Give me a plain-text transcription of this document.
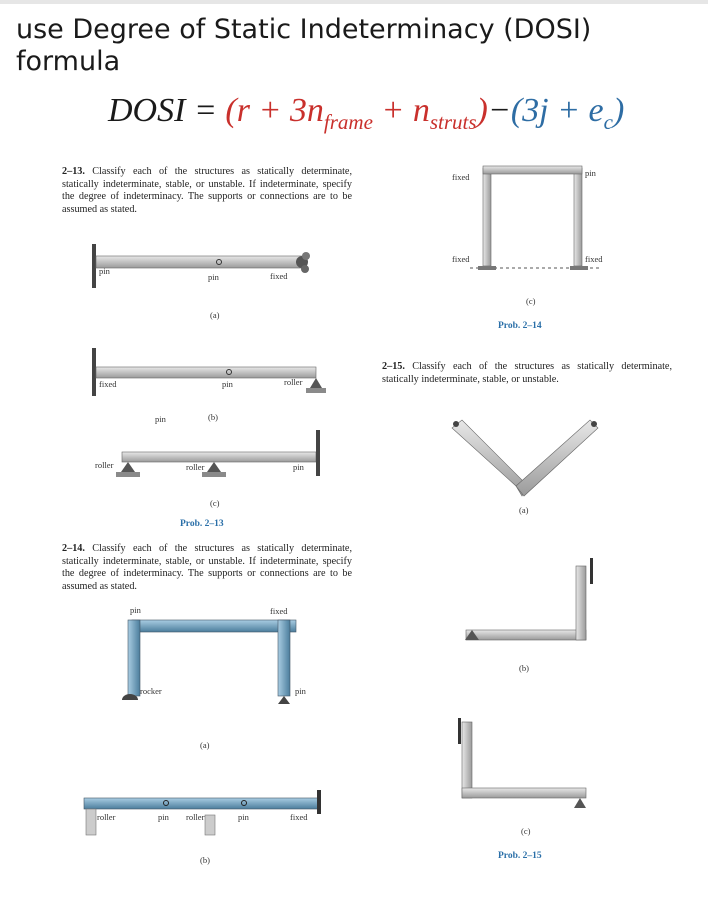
use Degree of Static Indeterminacy (DOSI) formula
DOSI = $(r + 3n_{frame} + n_{struts})-(3j + e_c)$
2–13. Classify each of the structures as statically determinate, statically indeterminate, stable, or unstable. If indeterminate, specify the degree of indeterminacy. The supports or connections are to be assumed as stated.
2–14. Classify each of the structures as statically determinate, statically indeterminate, stable, or unstable. If indeterminate, specify the degree of indeterminacy. The supports or connections are to be assumed as stated.
2–15. Classify each of the structures as statically determinate, statically indeterminate, stable, or unstable.
pin
pin	fixed
(a)
fixed	pin	roller
pin	(b)
roller	roller	pin
(c)
Prob. 2–13
fixed	pin
fixed	fixed
(c)
Prob. 2–14
pin	fixed
rocker	pin
(a)
roller	pin roller	pin	fixed
(b)
(a)
(b)
(c)
Prob. 2–15
